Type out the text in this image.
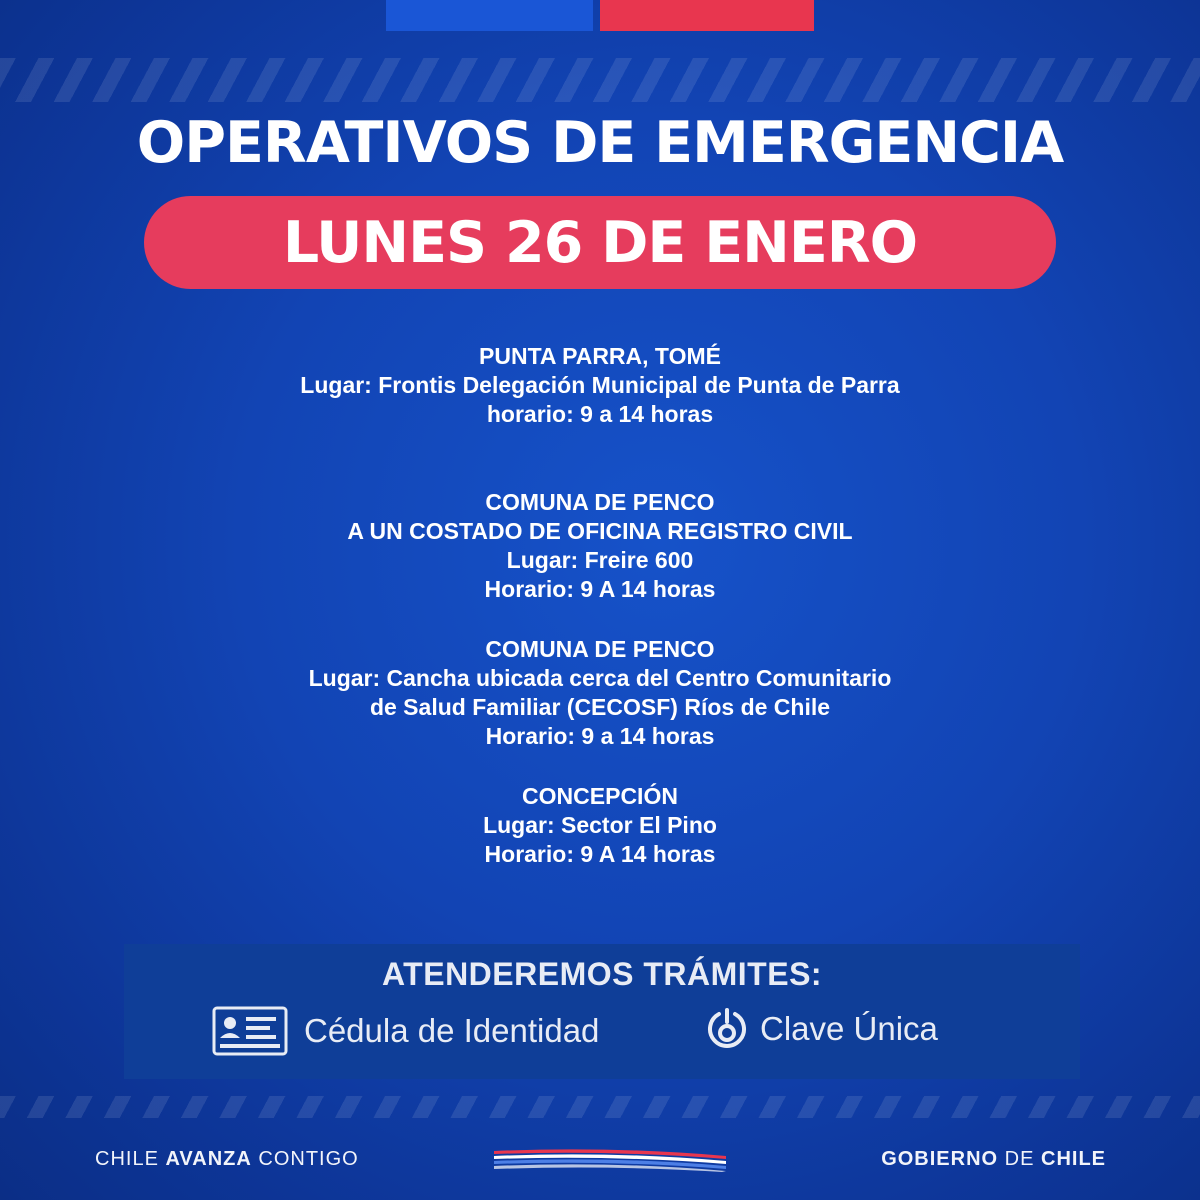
OPERATIVOS DE EMERGENCIA
LUNES 26 DE ENERO
PUNTA PARRA, TOMÉ
Lugar: Frontis Delegación Municipal de Punta de Parra
horario: 9 a 14 horas
COMUNA DE PENCO
A UN COSTADO DE OFICINA REGISTRO CIVIL
Lugar: Freire 600
Horario: 9 A 14 horas
COMUNA DE PENCO
Lugar: Cancha ubicada cerca del Centro Comunitario
de Salud Familiar (CECOSF) Ríos de Chile
Horario: 9 a 14 horas
CONCEPCIÓN
Lugar: Sector El Pino
Horario: 9 A 14 horas
ATENDEREMOS TRÁMITES:
Cédula de Identidad	Clave Única
CHILE AVANZA CONTIGO	GOBIERNO DE CHILE
